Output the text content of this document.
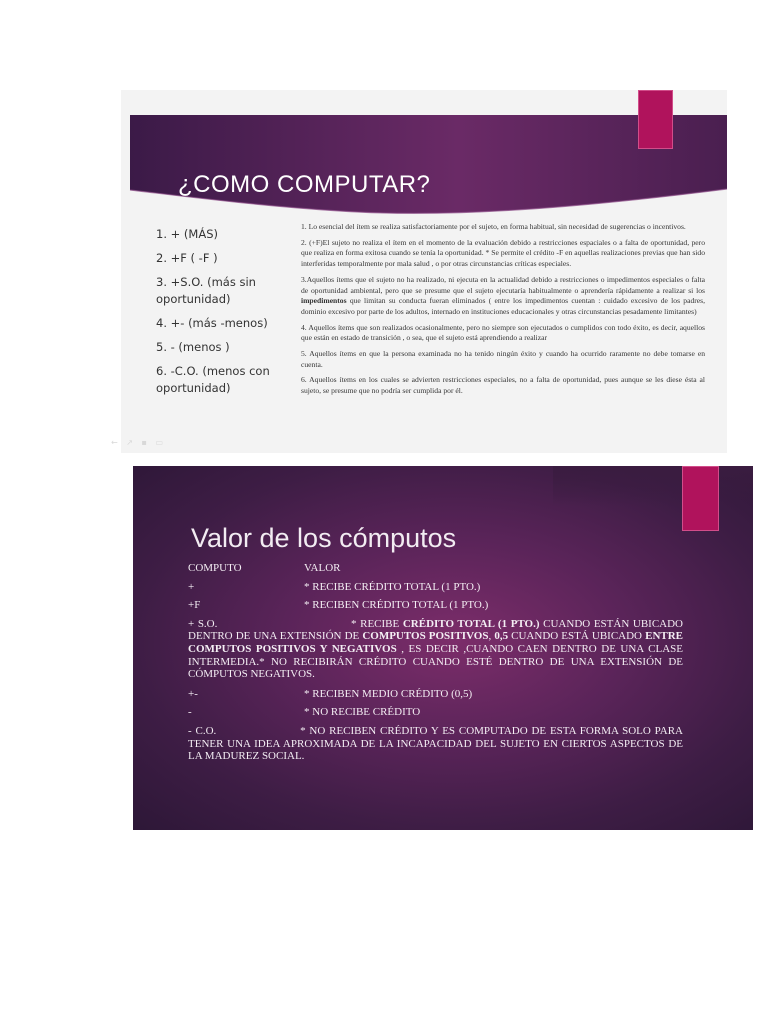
¿COMO COMPUTAR?
1. + (MÁS)
2. +F ( -F )
3. +S.O. (más sin oportunidad)
4. +- (más -menos)
5. - (menos )
6. -C.O. (menos con oportunidad)

1. Lo esencial del ítem se realiza satisfactoriamente por el sujeto, en forma habitual, sin necesidad de sugerencias o incentivos.

2. (+F)El sujeto no realiza el ítem en el momento de la evaluación debido a restricciones espaciales o a falta de oportunidad, pero que realiza en forma exitosa cuando se tenía la oportunidad. * Se permite el crédito -F en aquellas realizaciones previas que han sido interferidas temporalmente por mala salud , o por otras circunstancias críticas especiales.

3.Aquellos ítems que el sujeto no ha realizado, ni ejecuta en la actualidad debido a restricciones o impedimentos especiales o falta de oportunidad ambiental, pero que se presume que el sujeto ejecutaría habitualmente o aprendería rápidamente a realizar si los impedimentos que limitan su conducta fueran eliminados ( entre los impedimentos cuentan : cuidado excesivo de los padres, dominio excesivo por parte de los adultos, internado en instituciones educacionales y otras circunstancias pesadamente limitantes)

4. Aquellos ítems que son realizados ocasionalmente, pero no siempre son ejecutados o cumplidos con todo éxito, es decir, aquellos que están en estado de transición , o sea, que el sujeto está aprendiendo a realizar

5. Aquellos ítems en que la persona examinada no ha tenido ningún éxito y cuando ha ocurrido raramente no debe tomarse en cuenta.

6. Aquellos ítems en los cuales se advierten restricciones especiales, no a falta de oportunidad, pues aunque se les diese ésta al sujeto, se presume que no podría ser cumplida por él.

← ↗ ▪ ▭
Valor de los cómputos
COMPUTO	VALOR
+	* RECIBE CRÉDITO TOTAL (1 PTO.)
+F	* RECIBEN CRÉDITO TOTAL (1 PTO.)
+ S.O.	* RECIBE CRÉDITO TOTAL (1 PTO.) CUANDO ESTÁN UBICADO DENTRO DE UNA EXTENSIÓN DE COMPUTOS POSITIVOS, 0,5 CUANDO ESTÁ UBICADO ENTRE COMPUTOS POSITIVOS Y NEGATIVOS , ES DECIR ,CUANDO CAEN DENTRO DE UNA CLASE INTERMEDIA.* NO RECIBIRÁN CRÉDITO CUANDO ESTÉ DENTRO DE UNA EXTENSIÓN DE CÓMPUTOS NEGATIVOS.
+-	* RECIBEN MEDIO CRÉDITO (0,5)
-	* NO RECIBE CRÉDITO
- C.O.	* NO RECIBEN CRÉDITO Y ES COMPUTADO DE ESTA FORMA SOLO PARA TENER UNA IDEA APROXIMADA DE LA INCAPACIDAD DEL SUJETO EN CIERTOS ASPECTOS DE LA MADUREZ SOCIAL.
